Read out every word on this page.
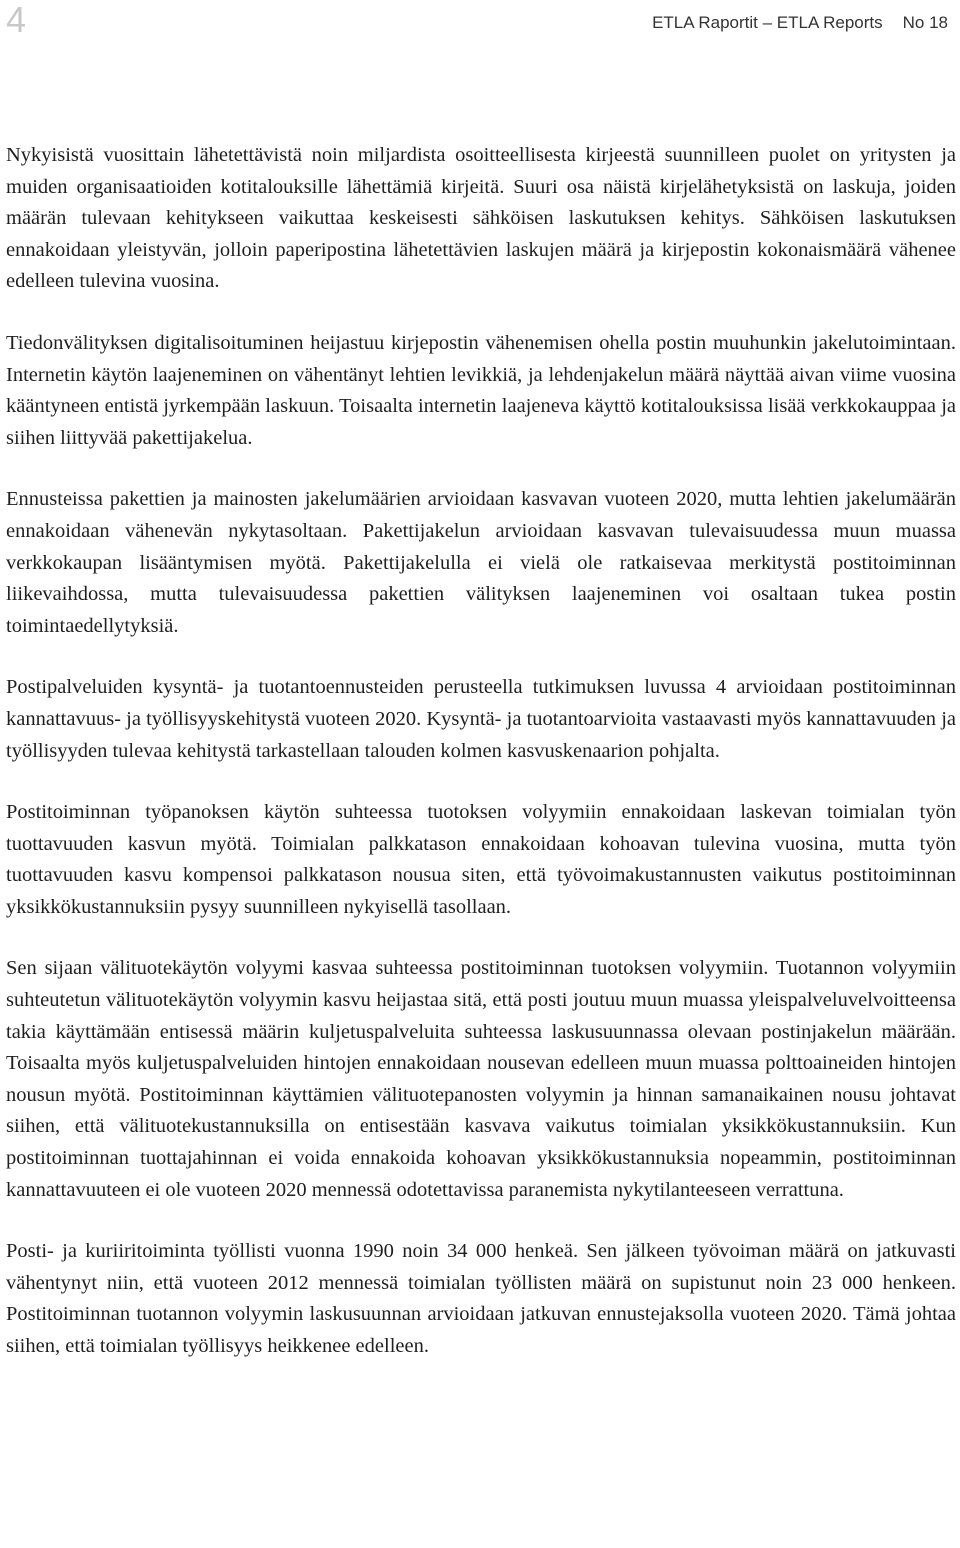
4	ETLA Raportit – ETLA Reports No 18

Nykyisistä vuosittain lähetettävistä noin miljardista osoitteellisesta kirjeestä suunnilleen puolet on yritysten ja muiden organisaatioiden kotitalouksille lähettämiä kirjeitä. Suuri osa näistä kirjelähetyksistä on laskuja, joiden määrän tulevaan kehitykseen vaikuttaa keskeisesti sähköisen laskutuksen kehitys. Sähköisen laskutuksen ennakoidaan yleistyvän, jolloin paperipostina lähetettävien laskujen määrä ja kirjepostin kokonaismäärä vähenee edelleen tulevina vuosina.

Tiedonvälityksen digitalisoituminen heijastuu kirjepostin vähenemisen ohella postin muuhunkin jakelutoimintaan. Internetin käytön laajeneminen on vähentänyt lehtien levikkiä, ja lehdenjakelun määrä näyttää aivan viime vuosina kääntyneen entistä jyrkempään laskuun. Toisaalta internetin laajeneva käyttö kotitalouksissa lisää verkkokauppaa ja siihen liittyvää pakettijakelua.

Ennusteissa pakettien ja mainosten jakelumäärien arvioidaan kasvavan vuoteen 2020, mutta lehtien jakelumäärän ennakoidaan vähenevän nykytasoltaan. Pakettijakelun arvioidaan kasvavan tulevaisuudessa muun muassa verkkokaupan lisääntymisen myötä. Pakettijakelulla ei vielä ole ratkaisevaa merkitystä postitoiminnan liikevaihdossa, mutta tulevaisuudessa pakettien välityksen laajeneminen voi osaltaan tukea postin toimintaedellytyksiä.

Postipalveluiden kysyntä- ja tuotantoennusteiden perusteella tutkimuksen luvussa 4 arvioidaan postitoiminnan kannattavuus- ja työllisyyskehitystä vuoteen 2020. Kysyntä- ja tuotantoarvioita vastaavasti myös kannattavuuden ja työllisyyden tulevaa kehitystä tarkastellaan talouden kolmen kasvuskenaarion pohjalta.

Postitoiminnan työpanoksen käytön suhteessa tuotoksen volyymiin ennakoidaan laskevan toimialan työn tuottavuuden kasvun myötä. Toimialan palkkatason ennakoidaan kohoavan tulevina vuosina, mutta työn tuottavuuden kasvu kompensoi palkkatason nousua siten, että työvoimakustannusten vaikutus postitoiminnan yksikkökustannuksiin pysyy suunnilleen nykyisellä tasollaan.

Sen sijaan välituotekäytön volyymi kasvaa suhteessa postitoiminnan tuotoksen volyymiin. Tuotannon volyymiin suhteutetun välituotekäytön volyymin kasvu heijastaa sitä, että posti joutuu muun muassa yleispalveluvelvoitteensa takia käyttämään entisessä määrin kuljetuspalveluita suhteessa laskusuunnassa olevaan postinjakelun määrään. Toisaalta myös kuljetuspalveluiden hintojen ennakoidaan nousevan edelleen muun muassa polttoaineiden hintojen nousun myötä. Postitoiminnan käyttämien välituotepanosten volyymin ja hinnan samanaikainen nousu johtavat siihen, että välituotekustannuksilla on entisestään kasvava vaikutus toimialan yksikkökustannuksiin. Kun postitoiminnan tuottajahinnan ei voida ennakoida kohoavan yksikkökustannuksia nopeammin, postitoiminnan kannattavuuteen ei ole vuoteen 2020 mennessä odotettavissa paranemista nykytilanteeseen verrattuna.

Posti- ja kuriiritoiminta työllisti vuonna 1990 noin 34 000 henkeä. Sen jälkeen työvoiman määrä on jatkuvasti vähentynyt niin, että vuoteen 2012 mennessä toimialan työllisten määrä on supistunut noin 23 000 henkeen. Postitoiminnan tuotannon volyymin laskusuunnan arvioidaan jatkuvan ennustejaksolla vuoteen 2020. Tämä johtaa siihen, että toimialan työllisyys heikkenee edelleen.
